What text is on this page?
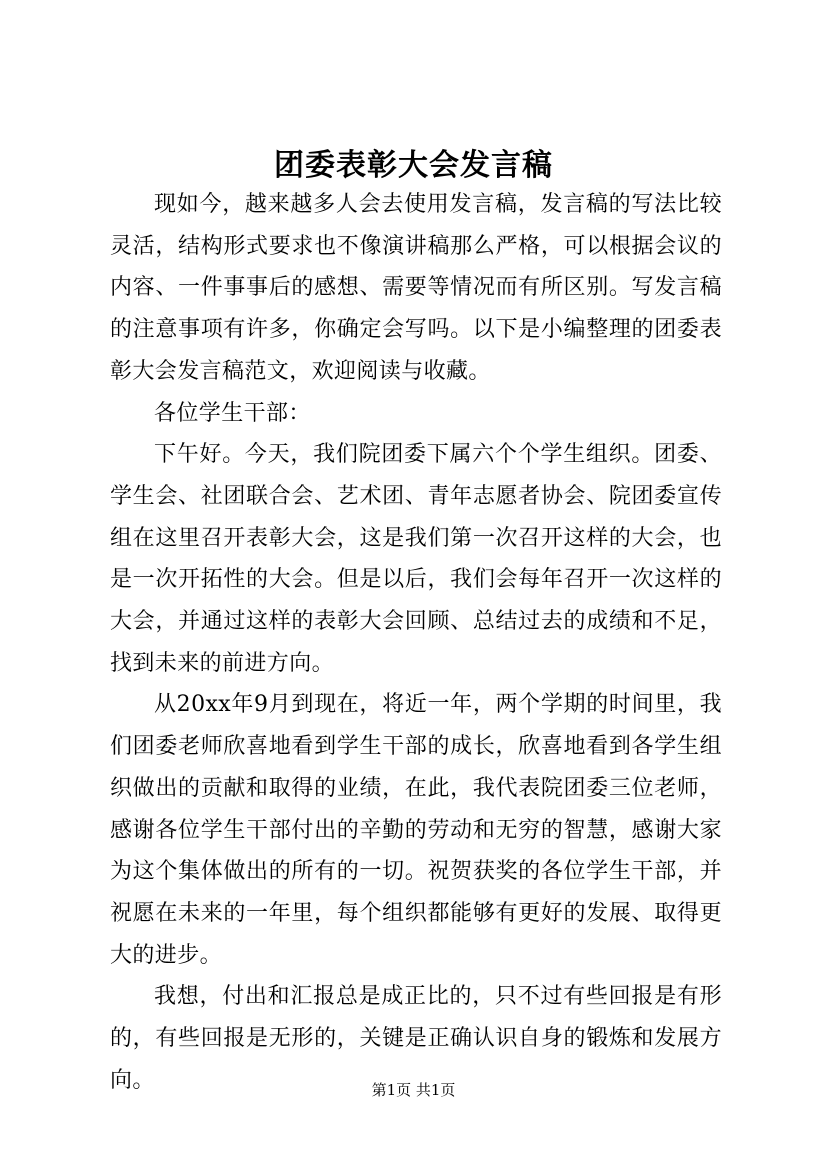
团委表彰大会发言稿

现如今，越来越多人会去使用发言稿，发言稿的写法比较灵活，结构形式要求也不像演讲稿那么严格，可以根据会议的内容、一件事事后的感想、需要等情况而有所区别。写发言稿的注意事项有许多，你确定会写吗。以下是小编整理的团委表彰大会发言稿范文，欢迎阅读与收藏。

各位学生干部：

下午好。今天，我们院团委下属六个个学生组织。团委、学生会、社团联合会、艺术团、青年志愿者协会、院团委宣传组在这里召开表彰大会，这是我们第一次召开这样的大会，也是一次开拓性的大会。但是以后，我们会每年召开一次这样的大会，并通过这样的表彰大会回顾、总结过去的成绩和不足，找到未来的前进方向。

从20xx年9月到现在，将近一年，两个学期的时间里，我们团委老师欣喜地看到学生干部的成长，欣喜地看到各学生组织做出的贡献和取得的业绩，在此，我代表院团委三位老师，感谢各位学生干部付出的辛勤的劳动和无穷的智慧，感谢大家为这个集体做出的所有的一切。祝贺获奖的各位学生干部，并祝愿在未来的一年里，每个组织都能够有更好的发展、取得更大的进步。

我想，付出和汇报总是成正比的，只不过有些回报是有形的，有些回报是无形的，关键是正确认识自身的锻炼和发展方向。	第1页 共1页
